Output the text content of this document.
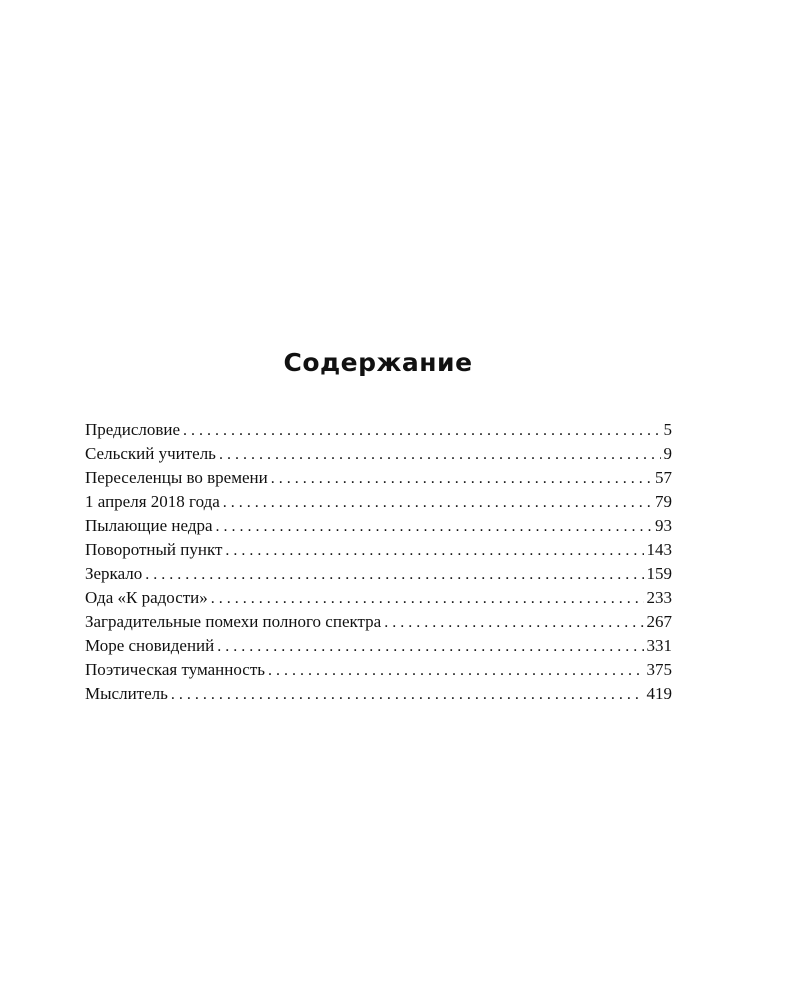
Содержание
Предисловие . . .	5
Сельский учитель . . .	9
Переселенцы во времени . . .	57
1 апреля 2018 года . . .	79
Пылающие недра . . .	93
Поворотный пункт . . .	143
Зеркало . . .	159
Ода «К радости» . . .	233
Заградительные помехи полного спектра . . .	267
Море сновидений . . .	331
Поэтическая туманность . . .	375
Мыслитель . . .	419
